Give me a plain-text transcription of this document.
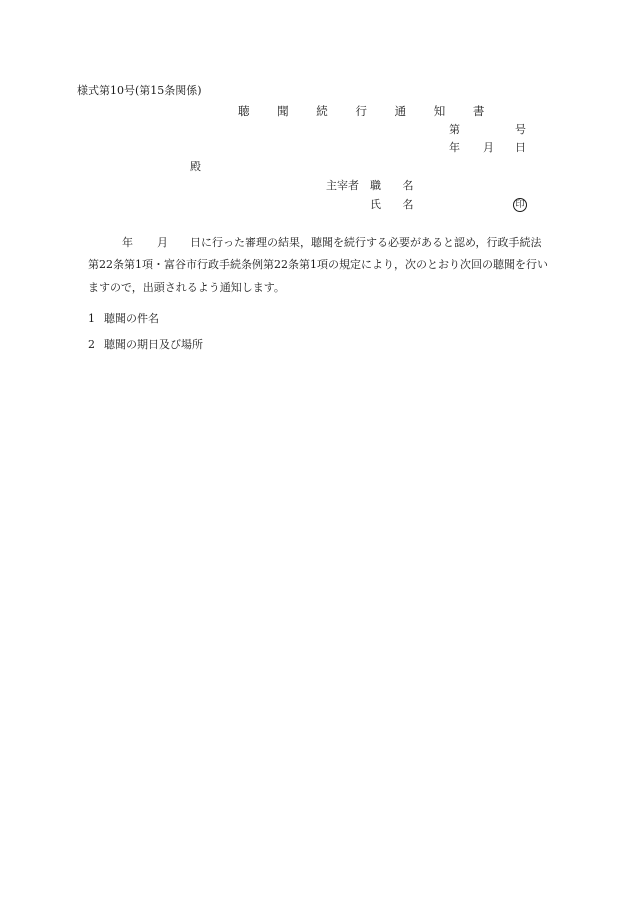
様式第10号(第15条関係)
聴 聞 続 行 通 知 書
第	号
年 月 日
殿
主宰者 職 名
氏 名	印
年 月 日に行った審理の結果，聴聞を続行する必要があると認め，行政手続法
第22条第1項・富谷市行政手続条例第22条第1項の規定により，次のとおり次回の聴聞を行い
ますので，出頭されるよう通知します。
1 聴聞の件名
2 聴聞の期日及び場所
